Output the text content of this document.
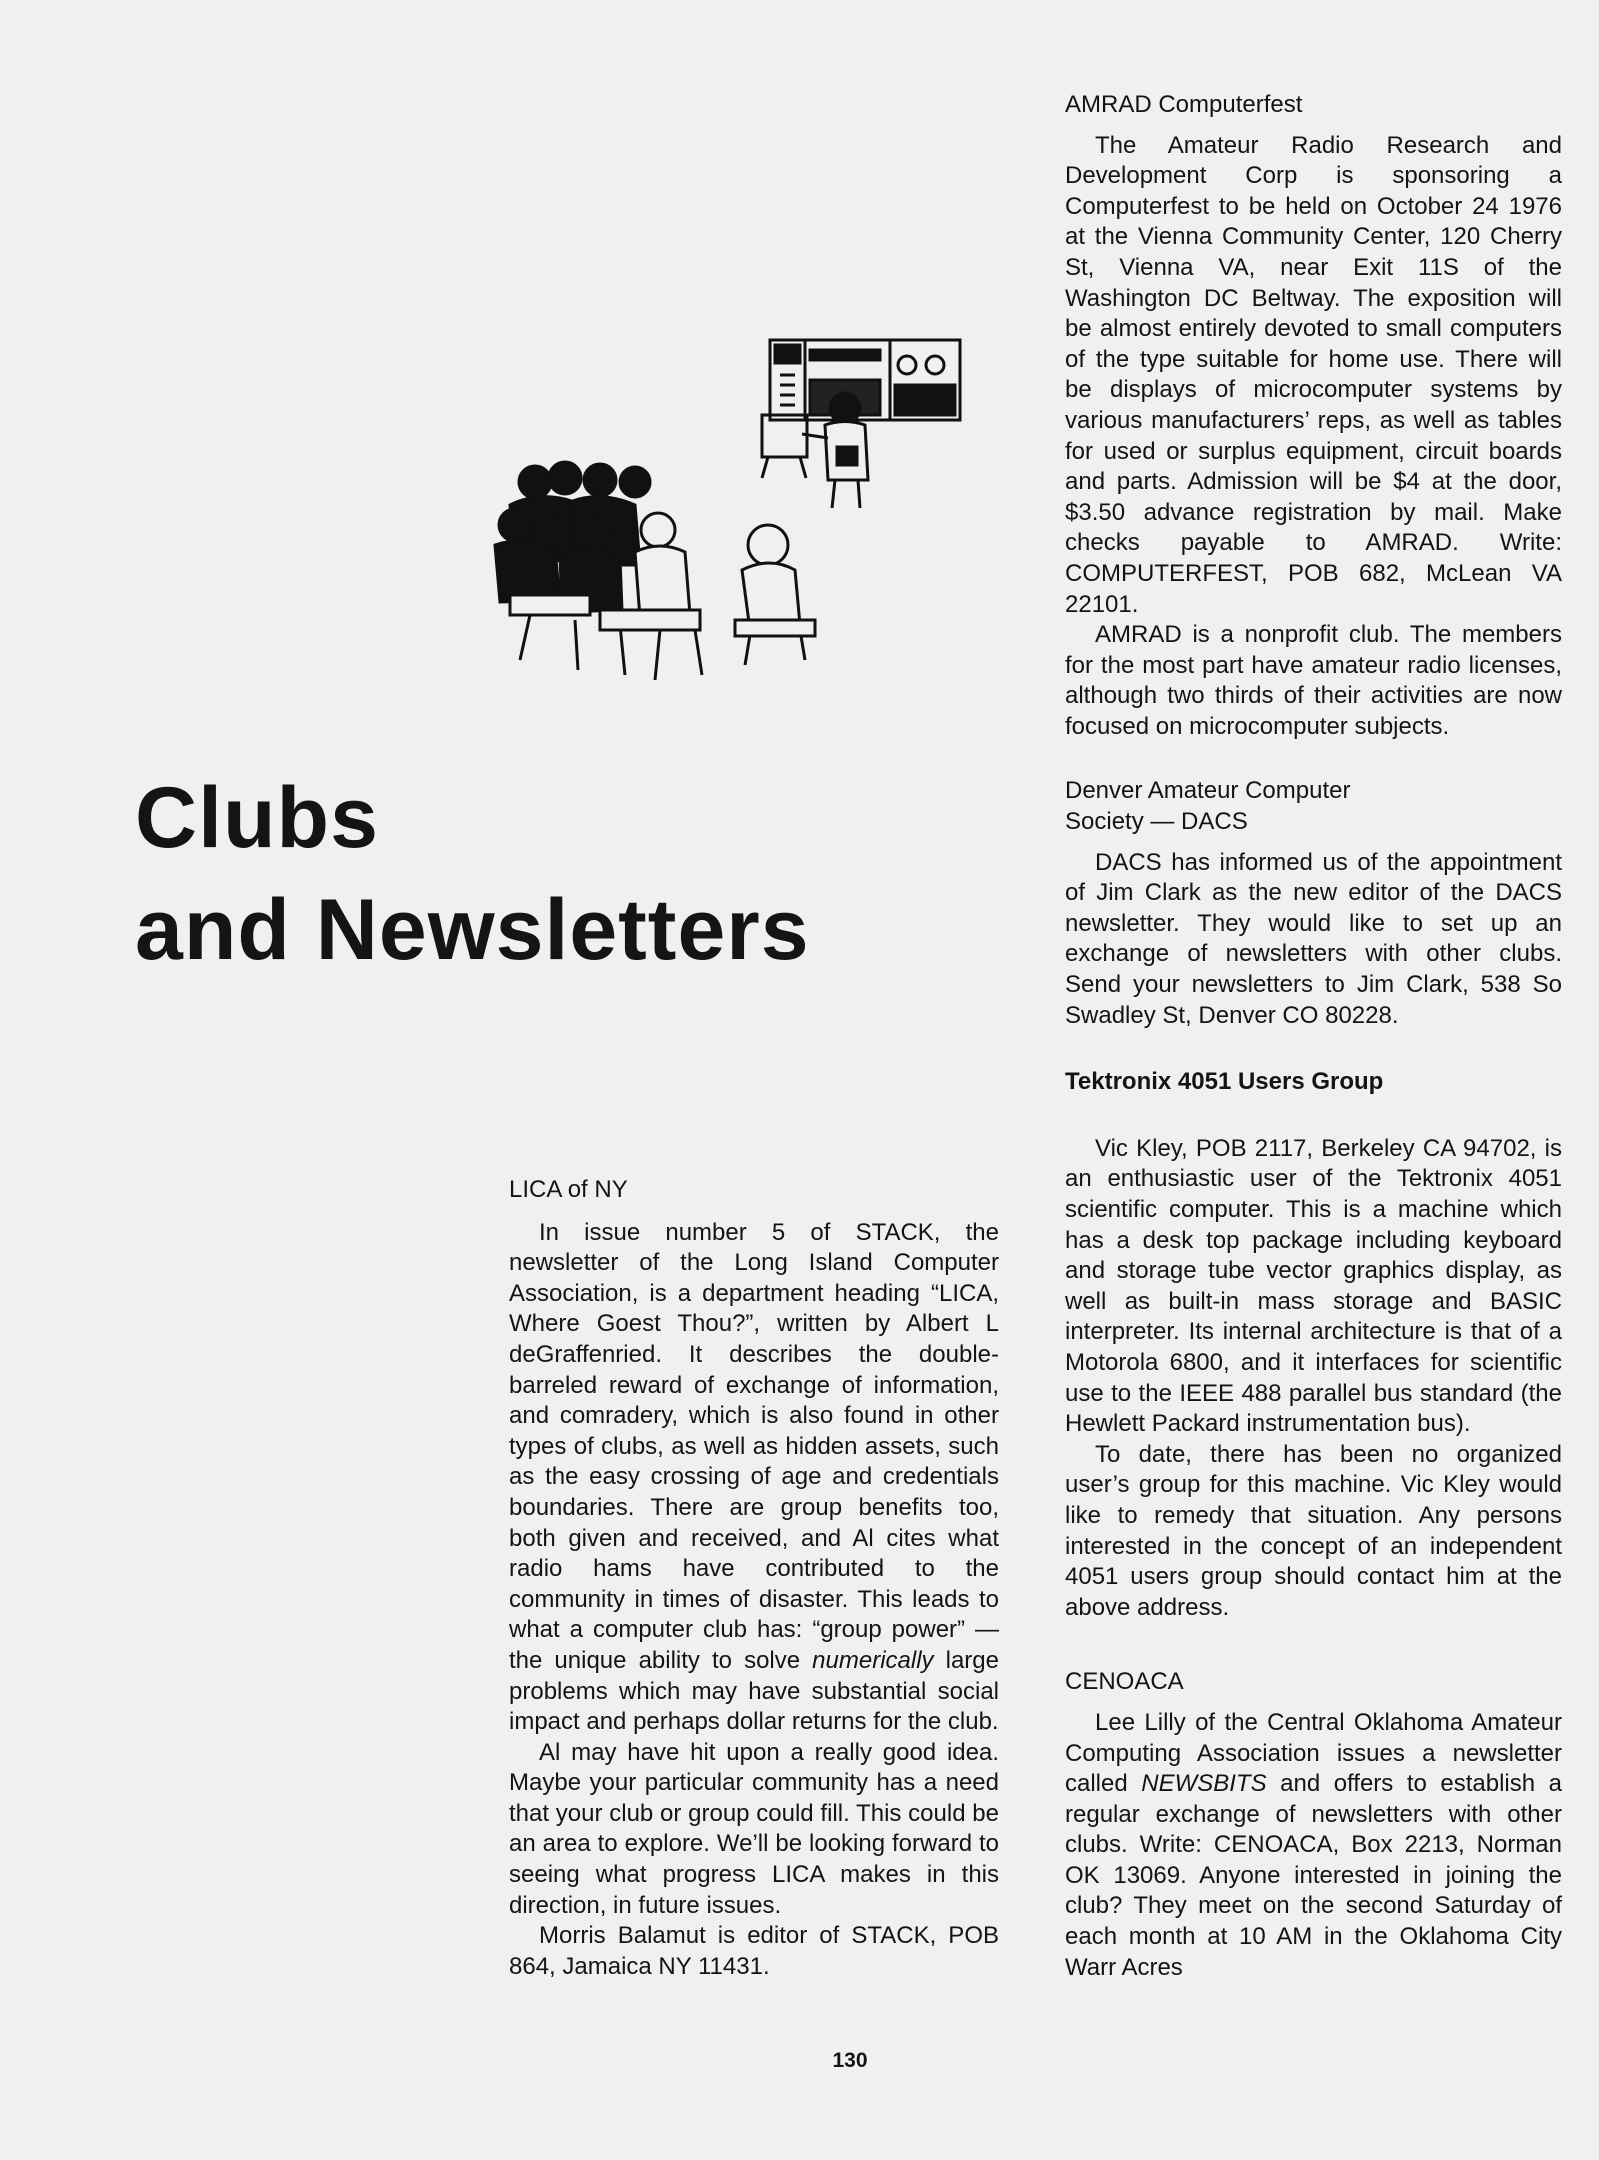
Clubs
and Newsletters
LICA of NY

In issue number 5 of STACK, the newsletter of the Long Island Computer Association, is a department heading “LICA, Where Goest Thou?”, written by Albert L deGraffenried. It describes the double-barreled reward of exchange of information, and comradery, which is also found in other types of clubs, as well as hidden assets, such as the easy crossing of age and credentials boundaries. There are group benefits too, both given and received, and Al cites what radio hams have contributed to the community in times of disaster. This leads to what a computer club has: “group power” — the unique ability to solve numerically large problems which may have substantial social impact and perhaps dollar returns for the club.

Al may have hit upon a really good idea. Maybe your particular community has a need that your club or group could fill. This could be an area to explore. We’ll be looking forward to seeing what progress LICA makes in this direction, in future issues.

Morris Balamut is editor of STACK, POB 864, Jamaica NY 11431.

AMRAD Computerfest

The Amateur Radio Research and Development Corp is sponsoring a Computerfest to be held on October 24 1976 at the Vienna Community Center, 120 Cherry St, Vienna VA, near Exit 11S of the Washington DC Beltway. The exposition will be almost entirely devoted to small computers of the type suitable for home use. There will be displays of microcomputer systems by various manufacturers’ reps, as well as tables for used or surplus equipment, circuit boards and parts. Admission will be $4 at the door, $3.50 advance registration by mail. Make checks payable to AMRAD. Write: COMPUTERFEST, POB 682, McLean VA 22101.

AMRAD is a nonprofit club. The members for the most part have amateur radio licenses, although two thirds of their activities are now focused on microcomputer subjects.

Denver Amateur Computer
Society — DACS

DACS has informed us of the appointment of Jim Clark as the new editor of the DACS newsletter. They would like to set up an exchange of newsletters with other clubs. Send your newsletters to Jim Clark, 538 So Swadley St, Denver CO 80228.

Tektronix 4051 Users Group

Vic Kley, POB 2117, Berkeley CA 94702, is an enthusiastic user of the Tektronix 4051 scientific computer. This is a machine which has a desk top package including keyboard and storage tube vector graphics display, as well as built-in mass storage and BASIC interpreter. Its internal architecture is that of a Motorola 6800, and it interfaces for scientific use to the IEEE 488 parallel bus standard (the Hewlett Packard instrumentation bus).

To date, there has been no organized user’s group for this machine. Vic Kley would like to remedy that situation. Any persons interested in the concept of an independent 4051 users group should contact him at the above address.

CENOACA

Lee Lilly of the Central Oklahoma Amateur Computing Association issues a newsletter called NEWSBITS and offers to establish a regular exchange of newsletters with other clubs. Write: CENOACA, Box 2213, Norman OK 13069. Anyone interested in joining the club? They meet on the second Saturday of each month at 10 AM in the Oklahoma City Warr Acres

130
